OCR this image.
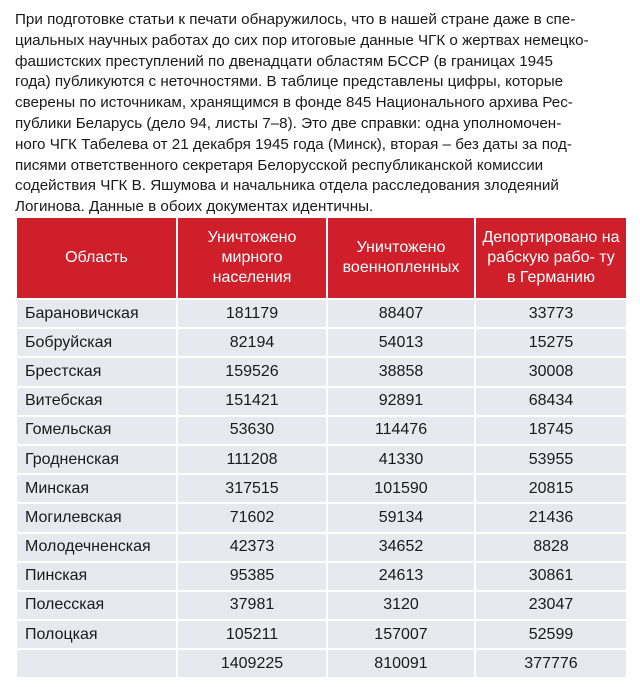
При подготовке статьи к печати обнаружилось, что в нашей стране даже в спе-
циальных научных работах до сих пор итоговые данные ЧГК о жертвах немецко-
фашистских преступлений по двенадцати областям БССР (в границах 1945
года) публикуются с неточностями. В таблице представлены цифры, которые
сверены по источникам, хранящимся в фонде 845 Национального архива Рес-
публики Беларусь (дело 94, листы 7–8). Это две справки: одна уполномочен-
ного ЧГК Табелева от 21 декабря 1945 года (Минск), вторая – без даты за под-
писями ответственного секретаря Белорусской республиканской комиссии
содействия ЧГК В. Яшумова и начальника отдела расследования злодеяний
Логинова. Данные в обоих документах идентичны.

Область	Уничтожено мирного населения	Уничтожено военнопленных	Депортировано на рабскую рабо- ту в Германию
Барановичская	181179	88407	33773
Бобруйская	82194	54013	15275
Брестская	159526	38858	30008
Витебская	151421	92891	68434
Гомельская	53630	114476	18745
Гродненская	111208	41330	53955
Минская	317515	101590	20815
Могилевская	71602	59134	21436
Молодечненская	42373	34652	8828
Пинская	95385	24613	30861
Полесская	37981	3120	23047
Полоцкая	105211	157007	52599
	1409225	810091	377776
